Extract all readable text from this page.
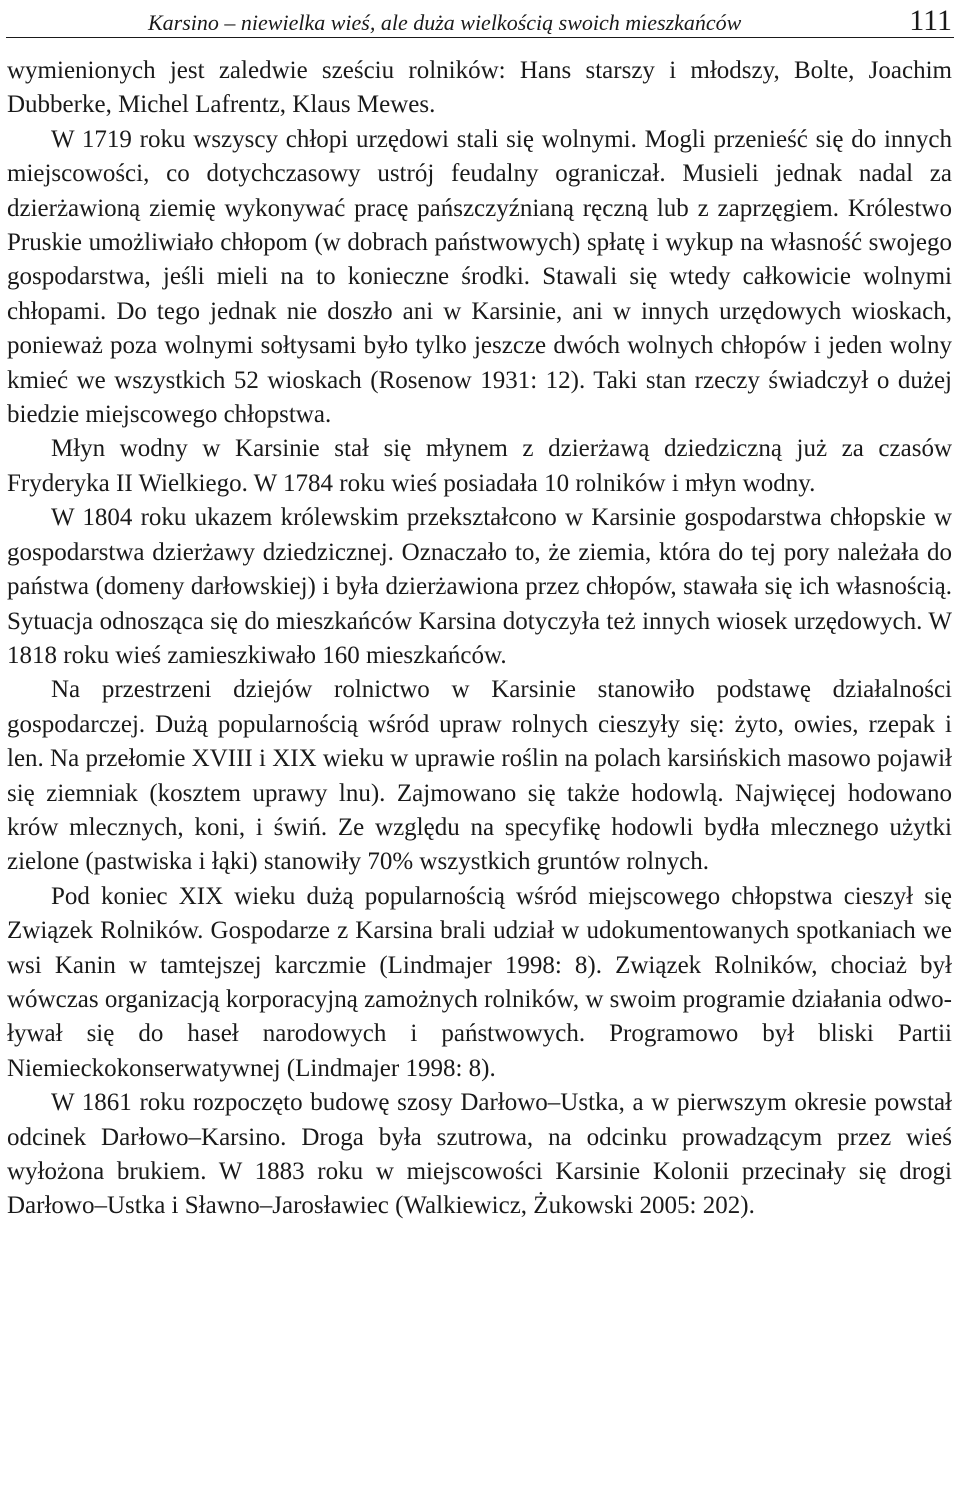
Karsino – niewielka wieś, ale duża wielkością swoich mieszkańców	111

wymienionych jest zaledwie sześciu rolników: Hans starszy i młodszy, Bolte, Joachim Dubberke, Michel Lafrentz, Klaus Mewes.

W 1719 roku wszyscy chłopi urzędowi stali się wolnymi. Mogli przenieść się do innych miejscowości, co dotychczasowy ustrój feudalny ograniczał. Musieli jednak nadal za dzierżawioną ziemię wykonywać pracę pańszczyźnianą ręczną lub z zaprzęgiem. Królestwo Pruskie umożliwiało chłopom (w dobrach państwowych) spłatę i wykup na własność swojego gospodarstwa, jeśli mieli na to konieczne środki. Stawali się wtedy całkowicie wolnymi chłopami. Do tego jednak nie doszło ani w Karsinie, ani w innych urzędowych wioskach, ponieważ poza wolnymi sołtysami było tylko jeszcze dwóch wolnych chłopów i jeden wolny kmieć we wszystkich 52 wioskach (Rosenow 1931: 12). Taki stan rzeczy świadczył o dużej biedzie miejscowego chłopstwa.

Młyn wodny w Karsinie stał się młynem z dzierżawą dziedziczną już za czasów Fryderyka II Wielkiego. W 1784 roku wieś posiadała 10 rolników i młyn wodny.

W 1804 roku ukazem królewskim przekształcono w Karsinie gospodarstwa chłopskie w gospodarstwa dzierżawy dziedzicznej. Oznaczało to, że ziemia, która do tej pory należała do państwa (domeny darłowskiej) i była dzierżawiona przez chłopów, stawała się ich własnością. Sytuacja odnosząca się do mieszkańców Karsina dotyczyła też innych wiosek urzędowych. W 1818 roku wieś zamieszkiwało 160 mieszkańców.

Na przestrzeni dziejów rolnictwo w Karsinie stanowiło podstawę działalności gospodarczej. Dużą popularnością wśród upraw rolnych cieszyły się: żyto, owies, rzepak i len. Na przełomie XVIII i XIX wieku w uprawie roślin na polach karsińskich masowo pojawił się ziemniak (kosztem uprawy lnu). Zajmowano się także hodowlą. Najwięcej hodowano krów mlecznych, koni, i świń. Ze względu na specyfikę hodowli bydła mlecznego użytki zielone (pastwiska i łąki) stanowiły 70% wszystkich gruntów rolnych.

Pod koniec XIX wieku dużą popularnością wśród miejscowego chłopstwa cieszył się Związek Rolników. Gospodarze z Karsina brali udział w udokumentowanych spotkaniach we wsi Kanin w tamtejszej karczmie (Lindmajer 1998: 8). Związek Rolników, chociaż był wówczas organizacją korporacyjną zamożnych rolników, w swoim programie działania odwoływał się do haseł narodowych i państwowych. Programowo był bliski Partii Niemieckokonserwatywnej (Lindmajer 1998: 8).

W 1861 roku rozpoczęto budowę szosy Darłowo–Ustka, a w pierwszym okresie powstał odcinek Darłowo–Karsino. Droga była szutrowa, na odcinku prowadzącym przez wieś wyłożona brukiem. W 1883 roku w miejscowości Karsinie Kolonii przecinały się drogi Darłowo–Ustka i Sławno–Jarosławiec (Walkiewicz, Żukowski 2005: 202).
